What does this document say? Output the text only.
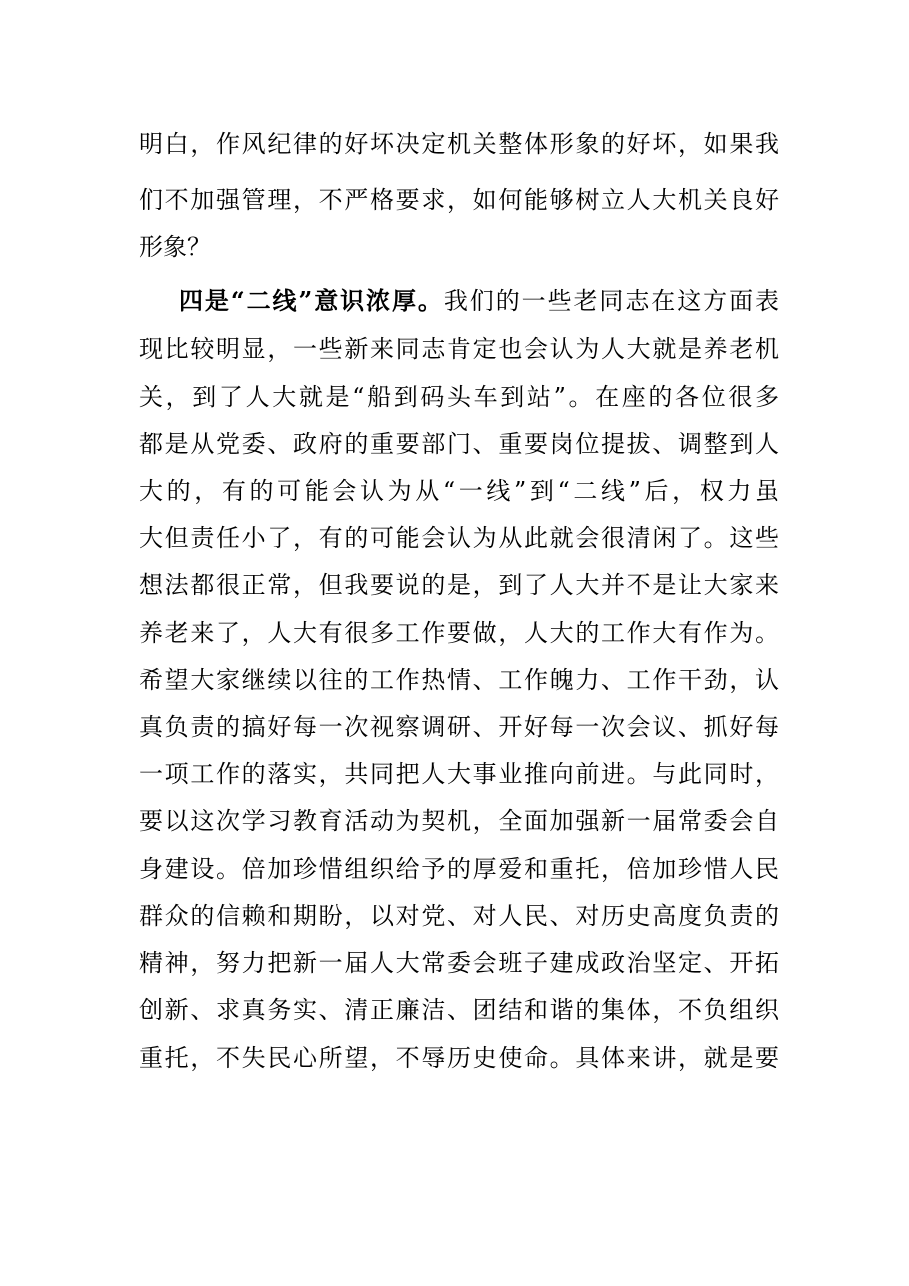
明白，作风纪律的好坏决定机关整体形象的好坏，如果我
们不加强管理，不严格要求，如何能够树立人大机关良好
形象？
四是“二线”意识浓厚。我们的一些老同志在这方面表
现比较明显，一些新来同志肯定也会认为人大就是养老机
关，到了人大就是“船到码头车到站”。在座的各位很多
都是从党委、政府的重要部门、重要岗位提拔、调整到人
大的，有的可能会认为从“一线”到“二线”后，权力虽
大但责任小了，有的可能会认为从此就会很清闲了。这些
想法都很正常，但我要说的是，到了人大并不是让大家来
养老来了，人大有很多工作要做，人大的工作大有作为。
希望大家继续以往的工作热情、工作魄力、工作干劲，认
真负责的搞好每一次视察调研、开好每一次会议、抓好每
一项工作的落实，共同把人大事业推向前进。与此同时，
要以这次学习教育活动为契机，全面加强新一届常委会自
身建设。倍加珍惜组织给予的厚爱和重托，倍加珍惜人民
群众的信赖和期盼，以对党、对人民、对历史高度负责的
精神，努力把新一届人大常委会班子建成政治坚定、开拓
创新、求真务实、清正廉洁、团结和谐的集体，不负组织
重托，不失民心所望，不辱历史使命。具体来讲，就是要
